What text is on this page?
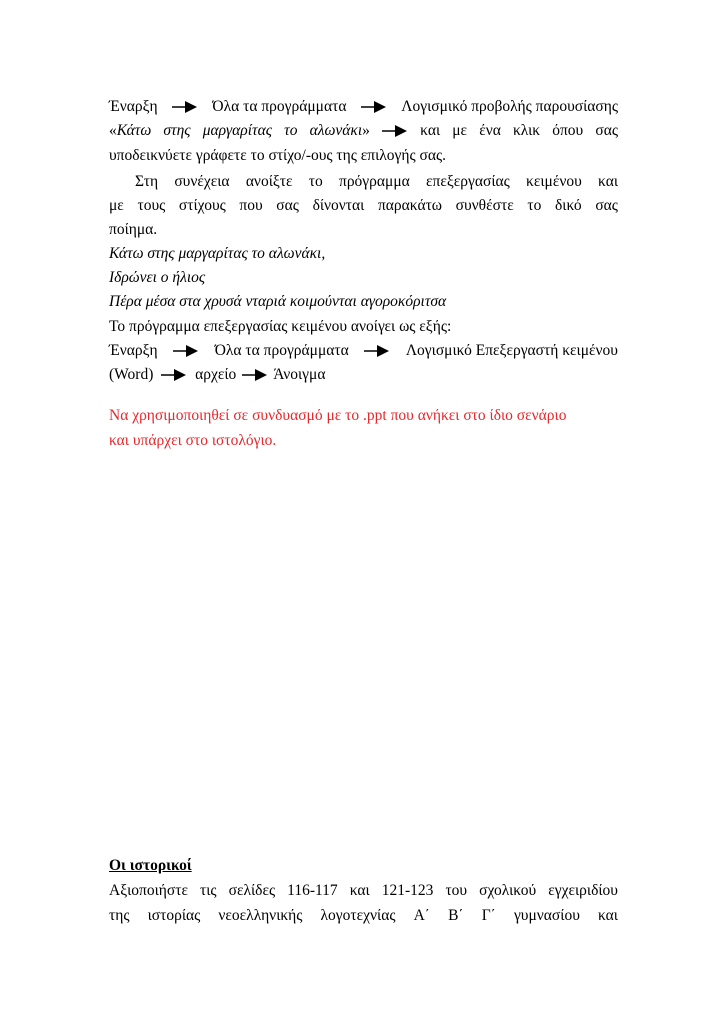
Έναρξη	Όλα τα προγράμματα	Λογισμικό προβολής παρουσίασης
«Κάτω στης μαργαρίτας το αλωνάκι»	και με ένα κλικ όπου σας
υποδεικνύετε γράφετε το στίχο/-ους της επιλογής σας.
Στη συνέχεια ανοίξτε το πρόγραμμα επεξεργασίας κειμένου και
με τους στίχους που σας δίνονται παρακάτω συνθέστε το δικό σας
ποίημα.
Κάτω στης μαργαρίτας το αλωνάκι,
Ιδρώνει ο ήλιος
Πέρα μέσα στα χρυσά νταριά κοιμούνται αγοροκόριτσα
Το πρόγραμμα επεξεργασίας κειμένου ανοίγει ως εξής:
Έναρξη	Όλα τα προγράμματα	Λογισμικό Επεξεργαστή κειμένου
(Word)	αρχείο Άνοιγμα
Να χρησιμοποιηθεί σε συνδυασμό με το .ppt που ανήκει στο ίδιο σενάριο
και υπάρχει στο ιστολόγιο.
Οι ιστορικοί
Αξιοποιήστε τις σελίδες 116-117 και 121-123 του σχολικού εγχειριδίου
της ιστορίας νεοελληνικής λογοτεχνίας Α΄ Β΄ Γ΄ γυμνασίου και
